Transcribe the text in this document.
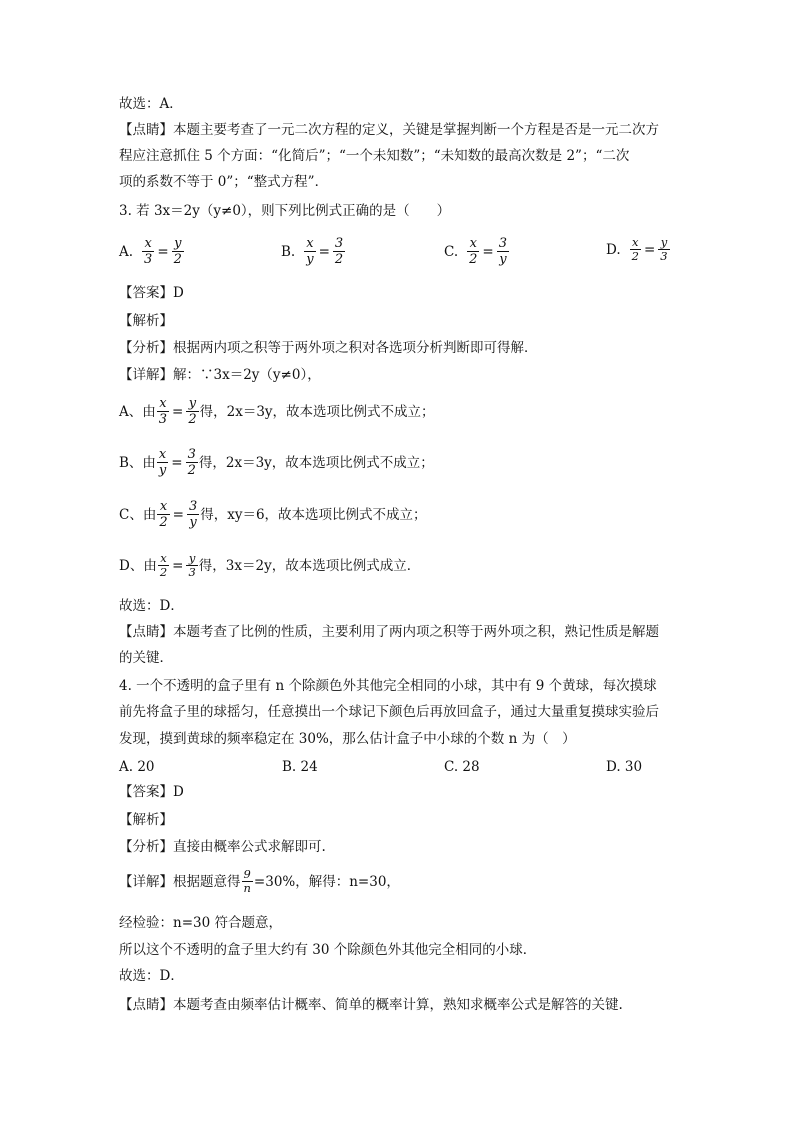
故选：A．
【点睛】本题主要考查了一元二次方程的定义，关键是掌握判断一个方程是否是一元二次方
程应注意抓住 5 个方面：“化简后”；“一个未知数”；“未知数的最高次数是 2”；“二次
项的系数不等于 0”；“整式方程”．
3. 若 3x＝2y（y≠0），则下列比例式正确的是（　　）
A. $\frac{x}{3} = \frac{y}{2}$	B. $\frac{x}{y} = \frac{3}{2}$	C. $\frac{x}{2} = \frac{3}{y}$	D. $\frac{x}{2} = \frac{y}{3}$
【答案】D
【解析】
【分析】根据两内项之积等于两外项之积对各选项分析判断即可得解．
【详解】解：∵3x＝2y（y≠0），
A、由 $\frac{x}{3} = \frac{y}{2}$ 得，2x＝3y，故本选项比例式不成立；
B、由 $\frac{x}{y} = \frac{3}{2}$ 得，2x＝3y，故本选项比例式不成立；
C、由 $\frac{x}{2} = \frac{3}{y}$ 得，xy＝6，故本选项比例式不成立；
D、由 $\frac{x}{2} = \frac{y}{3}$ 得，3x＝2y，故本选项比例式成立．
故选：D．
【点睛】本题考查了比例的性质，主要利用了两内项之积等于两外项之积，熟记性质是解题
的关键．
4. 一个不透明的盒子里有 n 个除颜色外其他完全相同的小球，其中有 9 个黄球，每次摸球
前先将盒子里的球摇匀，任意摸出一个球记下颜色后再放回盒子，通过大量重复摸球实验后
发现，摸到黄球的频率稳定在 30%，那么估计盒子中小球的个数 n 为（　）
A. 20	B. 24	C. 28	D. 30
【答案】D
【解析】
【分析】直接由概率公式求解即可.
【详解】根据题意得 $\frac{9}{n} =30\%$，解得：n=30，
经检验：n=30 符合题意，
所以这个不透明的盒子里大约有 30 个除颜色外其他完全相同的小球．
故选：D．
【点睛】本题考查由频率估计概率、简单的概率计算，熟知求概率公式是解答的关键.
